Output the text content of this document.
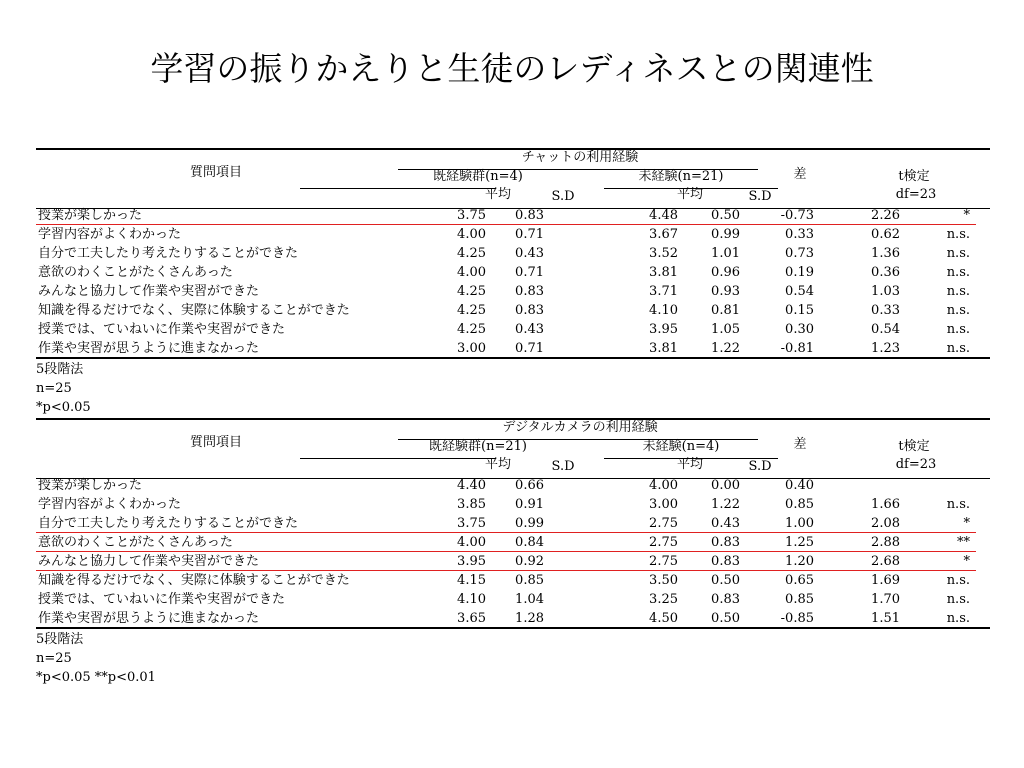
学習の振りかえりと生徒のレディネスとの関連性
質問項目
チャットの利用経験
既経験群(n=4)	未経験(n=21)	差	t検定
df=23
平均	S.D	平均	S.D
授業が楽しかった	3.75	0.83	4.48	0.50	-0.73	2.26	*
学習内容がよくわかった	4.00	0.71	3.67	0.99	0.33	0.62	n.s.
自分で工夫したり考えたりすることができた	4.25	0.43	3.52	1.01	0.73	1.36	n.s.
意欲のわくことがたくさんあった	4.00	0.71	3.81	0.96	0.19	0.36	n.s.
みんなと協力して作業や実習ができた	4.25	0.83	3.71	0.93	0.54	1.03	n.s.
知識を得るだけでなく、実際に体験することができた	4.25	0.83	4.10	0.81	0.15	0.33	n.s.
授業では、ていねいに作業や実習ができた	4.25	0.43	3.95	1.05	0.30	0.54	n.s.
作業や実習が思うように進まなかった	3.00	0.71	3.81	1.22	-0.81	1.23	n.s.
5段階法
n=25
*p<0.05
質問項目
デジタルカメラの利用経験
既経験群(n=21)	未経験(n=4)	差	t検定
df=23
平均	S.D	平均	S.D
授業が楽しかった	4.40	0.66	4.00	0.00	0.40
学習内容がよくわかった	3.85	0.91	3.00	1.22	0.85	1.66	n.s.
自分で工夫したり考えたりすることができた	3.75	0.99	2.75	0.43	1.00	2.08	*
意欲のわくことがたくさんあった	4.00	0.84	2.75	0.83	1.25	2.88	**
みんなと協力して作業や実習ができた	3.95	0.92	2.75	0.83	1.20	2.68	*
知識を得るだけでなく、実際に体験することができた	4.15	0.85	3.50	0.50	0.65	1.69	n.s.
授業では、ていねいに作業や実習ができた	4.10	1.04	3.25	0.83	0.85	1.70	n.s.
作業や実習が思うように進まなかった	3.65	1.28	4.50	0.50	-0.85	1.51	n.s.
5段階法
n=25
*p<0.05 **p<0.01
